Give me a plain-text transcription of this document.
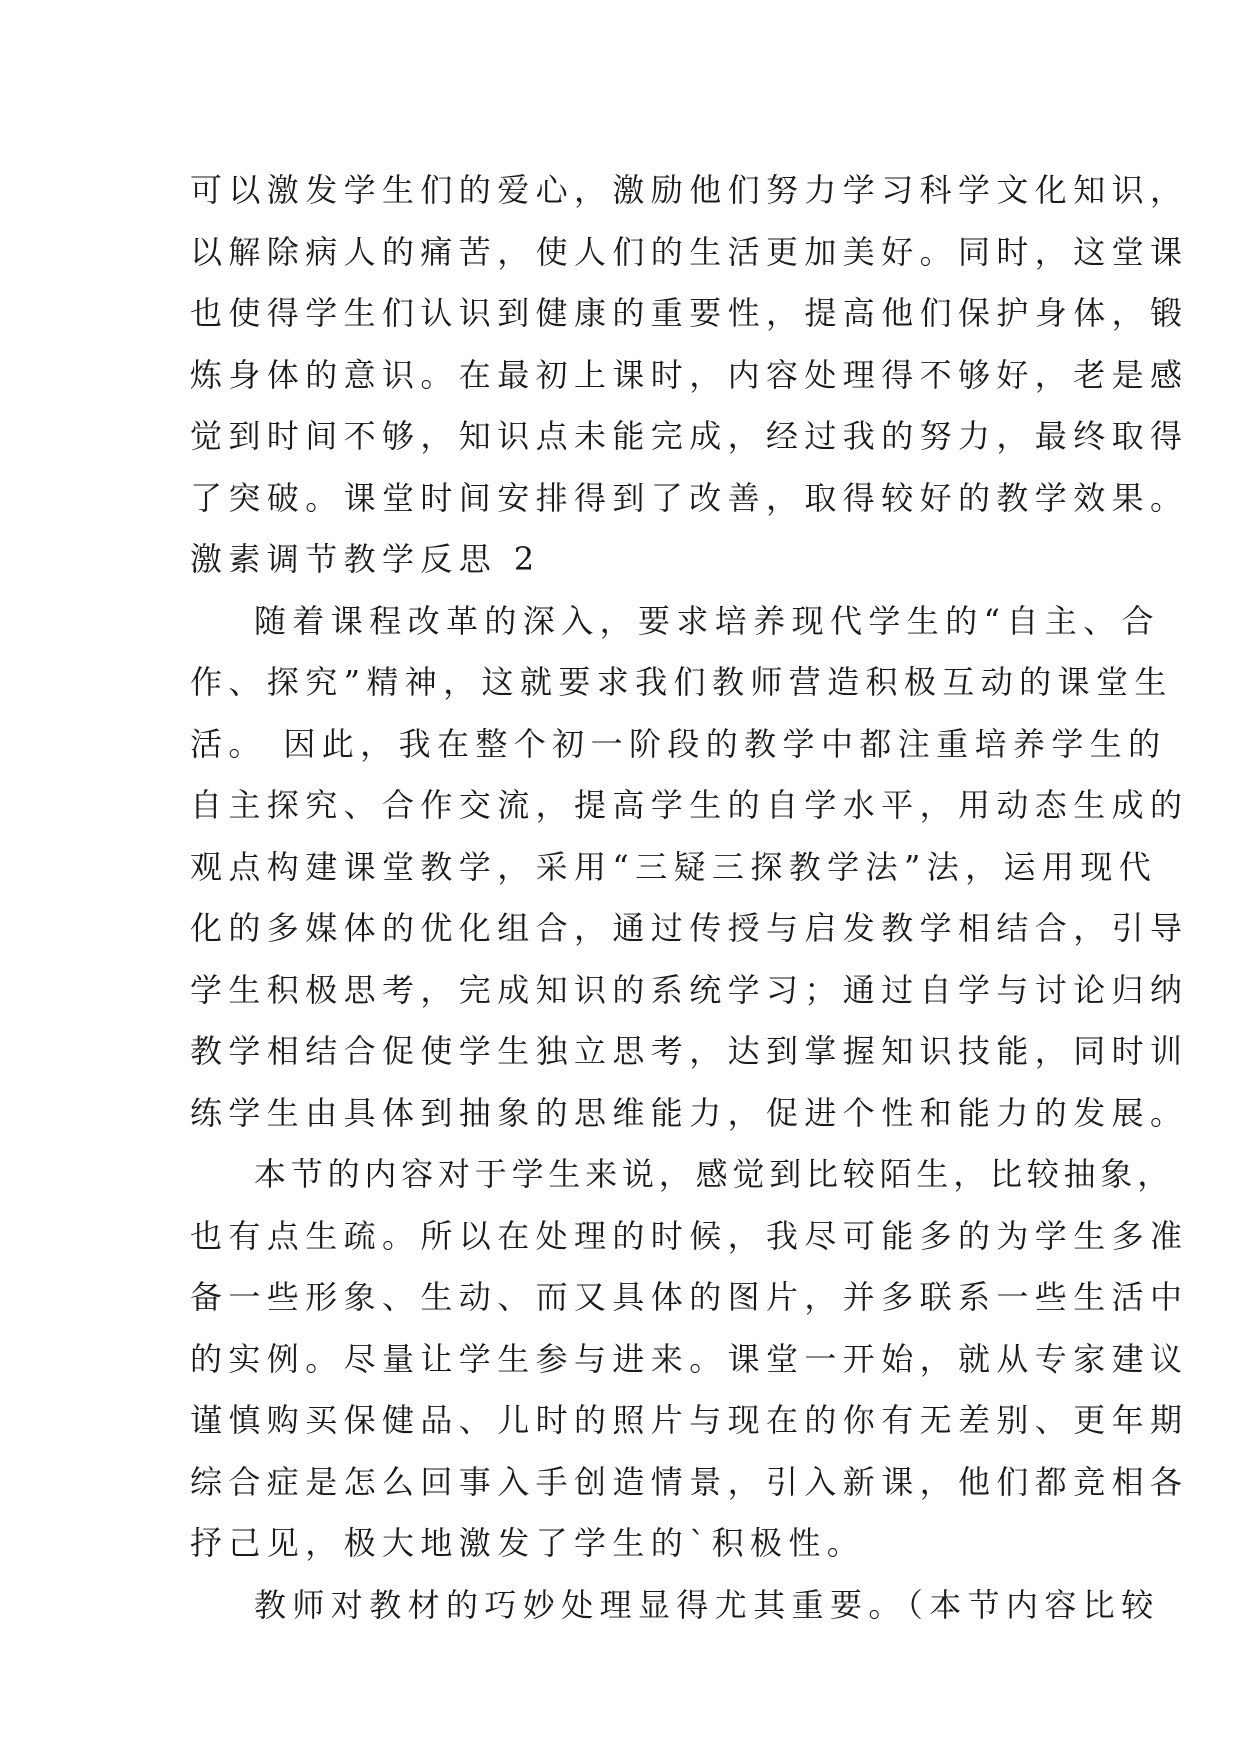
可以激发学生们的爱心，激励他们努力学习科学文化知识，
以解除病人的痛苦，使人们的生活更加美好。同时，这堂课
也使得学生们认识到健康的重要性，提高他们保护身体，锻
炼身体的意识。在最初上课时，内容处理得不够好，老是感
觉到时间不够，知识点未能完成，经过我的努力，最终取得
了突破。课堂时间安排得到了改善，取得较好的教学效果。
激素调节教学反思 2
随着课程改革的深入，要求培养现代学生的“自主、合
作、探究”精神，这就要求我们教师营造积极互动的课堂生
活。 因此，我在整个初一阶段的教学中都注重培养学生的
自主探究、合作交流，提高学生的自学水平，用动态生成的
观点构建课堂教学，采用“三疑三探教学法”法，运用现代
化的多媒体的优化组合，通过传授与启发教学相结合，引导
学生积极思考，完成知识的系统学习；通过自学与讨论归纳
教学相结合促使学生独立思考，达到掌握知识技能，同时训
练学生由具体到抽象的思维能力，促进个性和能力的发展。
本节的内容对于学生来说，感觉到比较陌生，比较抽象，
也有点生疏。所以在处理的时候，我尽可能多的为学生多准
备一些形象、生动、而又具体的图片，并多联系一些生活中
的实例。尽量让学生参与进来。课堂一开始，就从专家建议
谨慎购买保健品、儿时的照片与现在的你有无差别、更年期
综合症是怎么回事入手创造情景，引入新课，他们都竞相各
抒己见，极大地激发了学生的`积极性。
教师对教材的巧妙处理显得尤其重要。（本节内容比较
